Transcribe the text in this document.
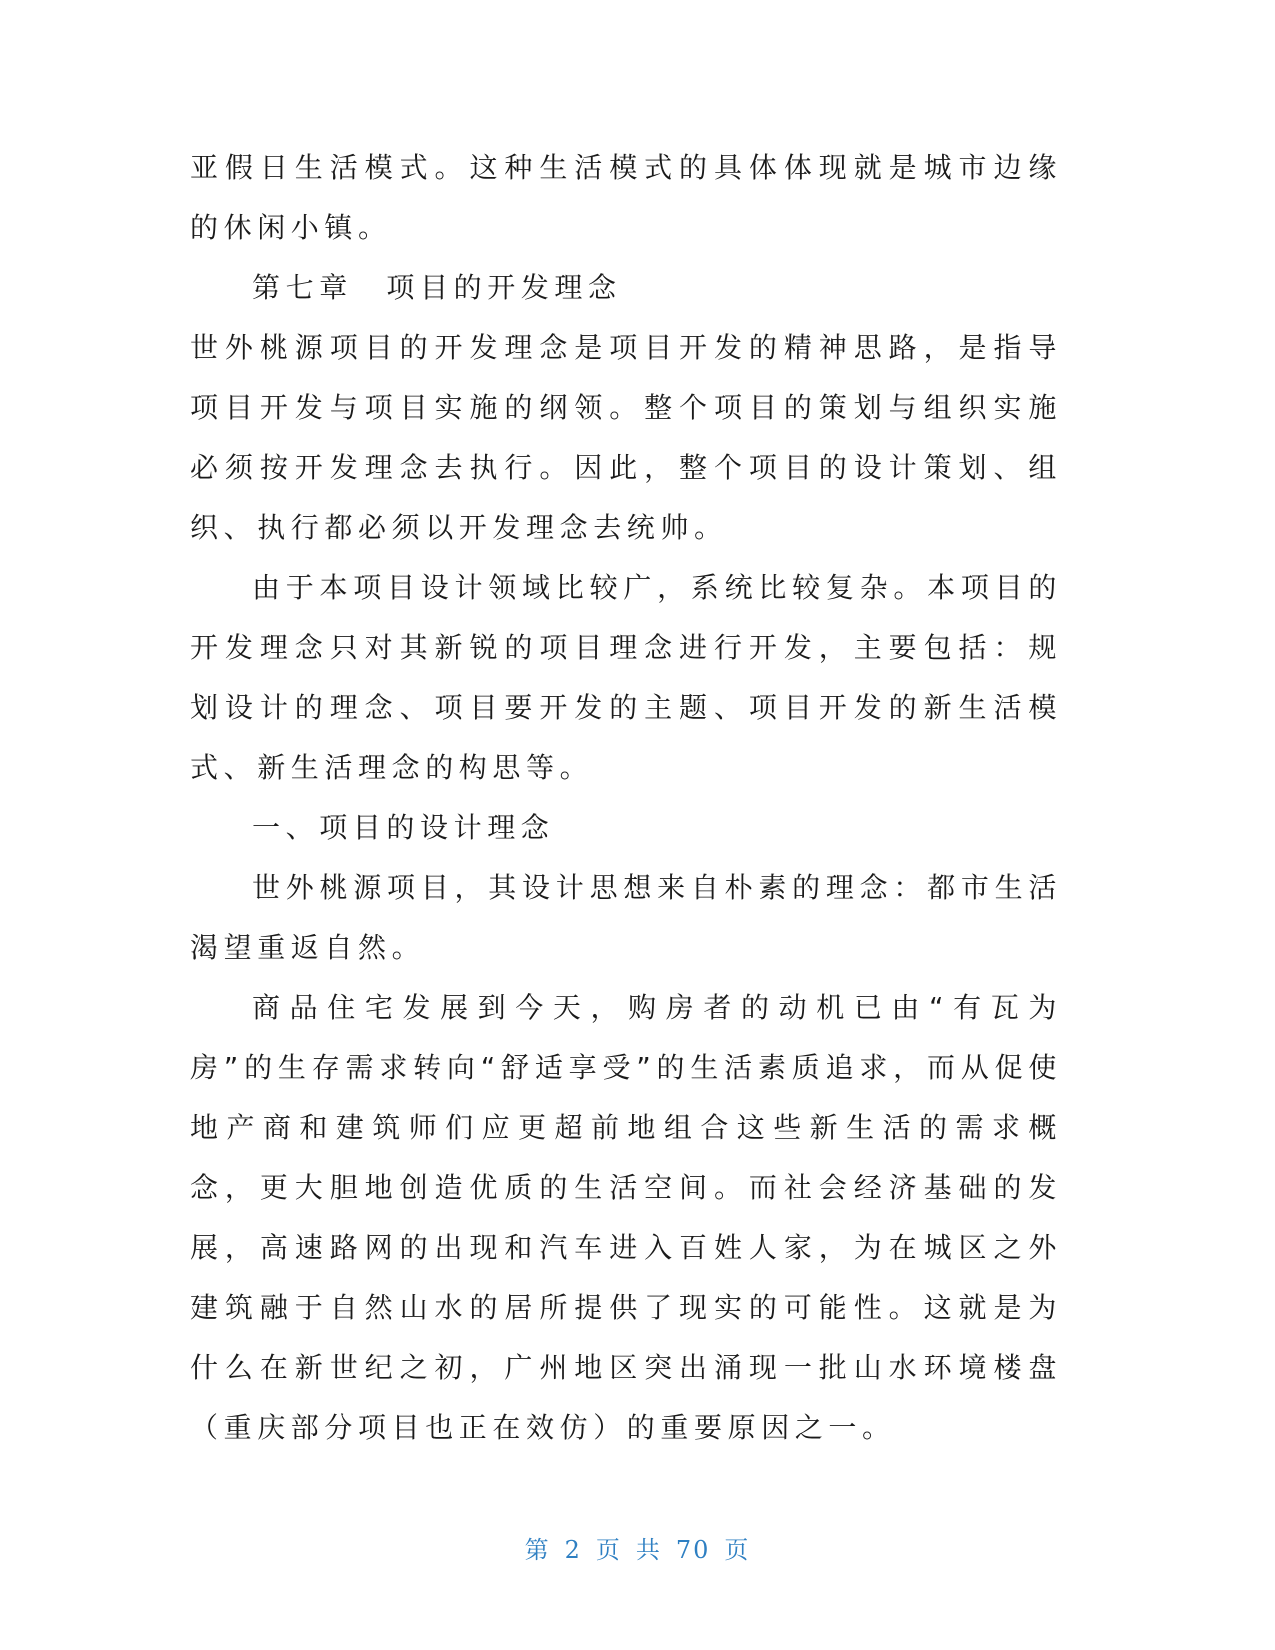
亚假日生活模式。这种生活模式的具体体现就是城市边缘的休闲小镇。

第七章　项目的开发理念

世外桃源项目的开发理念是项目开发的精神思路，是指导项目开发与项目实施的纲领。整个项目的策划与组织实施必须按开发理念去执行。因此，整个项目的设计策划、组织、执行都必须以开发理念去统帅。

由于本项目设计领域比较广，系统比较复杂。本项目的开发理念只对其新锐的项目理念进行开发，主要包括：规划设计的理念、项目要开发的主题、项目开发的新生活模式、新生活理念的构思等。

一、项目的设计理念

世外桃源项目，其设计思想来自朴素的理念：都市生活渴望重返自然。

商品住宅发展到今天，购房者的动机已由“有瓦为房”的生存需求转向“舒适享受”的生活素质追求，而从促使地产商和建筑师们应更超前地组合这些新生活的需求概念，更大胆地创造优质的生活空间。而社会经济基础的发展，高速路网的出现和汽车进入百姓人家，为在城区之外建筑融于自然山水的居所提供了现实的可能性。这就是为什么在新世纪之初，广州地区突出涌现一批山水环境楼盘（重庆部分项目也正在效仿）的重要原因之一。

第 2 页 共 70 页
